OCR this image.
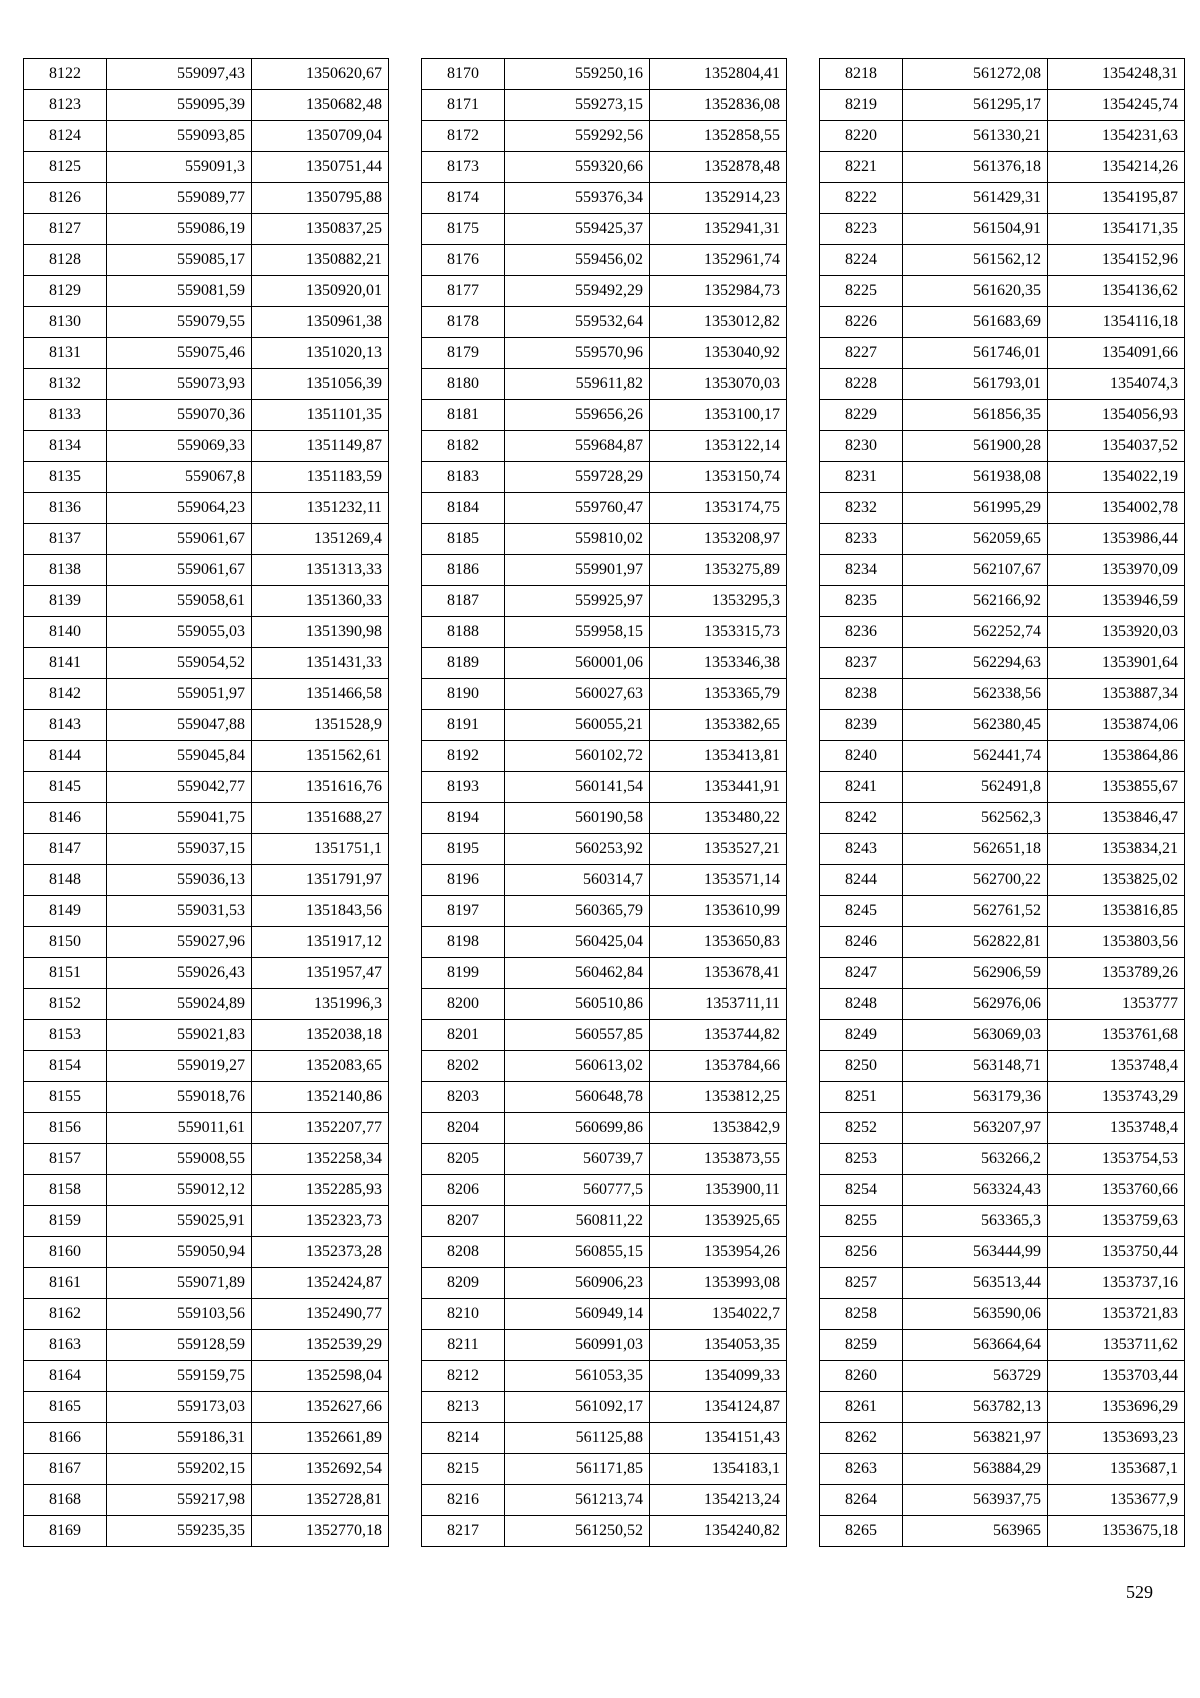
8122	559097,43	1350620,67
8123	559095,39	1350682,48
8124	559093,85	1350709,04
8125	559091,3	1350751,44
8126	559089,77	1350795,88
8127	559086,19	1350837,25
8128	559085,17	1350882,21
8129	559081,59	1350920,01
8130	559079,55	1350961,38
8131	559075,46	1351020,13
8132	559073,93	1351056,39
8133	559070,36	1351101,35
8134	559069,33	1351149,87
8135	559067,8	1351183,59
8136	559064,23	1351232,11
8137	559061,67	1351269,4
8138	559061,67	1351313,33
8139	559058,61	1351360,33
8140	559055,03	1351390,98
8141	559054,52	1351431,33
8142	559051,97	1351466,58
8143	559047,88	1351528,9
8144	559045,84	1351562,61
8145	559042,77	1351616,76
8146	559041,75	1351688,27
8147	559037,15	1351751,1
8148	559036,13	1351791,97
8149	559031,53	1351843,56
8150	559027,96	1351917,12
8151	559026,43	1351957,47
8152	559024,89	1351996,3
8153	559021,83	1352038,18
8154	559019,27	1352083,65
8155	559018,76	1352140,86
8156	559011,61	1352207,77
8157	559008,55	1352258,34
8158	559012,12	1352285,93
8159	559025,91	1352323,73
8160	559050,94	1352373,28
8161	559071,89	1352424,87
8162	559103,56	1352490,77
8163	559128,59	1352539,29
8164	559159,75	1352598,04
8165	559173,03	1352627,66
8166	559186,31	1352661,89
8167	559202,15	1352692,54
8168	559217,98	1352728,81
8169	559235,35	1352770,18
8170	559250,16	1352804,41
8171	559273,15	1352836,08
8172	559292,56	1352858,55
8173	559320,66	1352878,48
8174	559376,34	1352914,23
8175	559425,37	1352941,31
8176	559456,02	1352961,74
8177	559492,29	1352984,73
8178	559532,64	1353012,82
8179	559570,96	1353040,92
8180	559611,82	1353070,03
8181	559656,26	1353100,17
8182	559684,87	1353122,14
8183	559728,29	1353150,74
8184	559760,47	1353174,75
8185	559810,02	1353208,97
8186	559901,97	1353275,89
8187	559925,97	1353295,3
8188	559958,15	1353315,73
8189	560001,06	1353346,38
8190	560027,63	1353365,79
8191	560055,21	1353382,65
8192	560102,72	1353413,81
8193	560141,54	1353441,91
8194	560190,58	1353480,22
8195	560253,92	1353527,21
8196	560314,7	1353571,14
8197	560365,79	1353610,99
8198	560425,04	1353650,83
8199	560462,84	1353678,41
8200	560510,86	1353711,11
8201	560557,85	1353744,82
8202	560613,02	1353784,66
8203	560648,78	1353812,25
8204	560699,86	1353842,9
8205	560739,7	1353873,55
8206	560777,5	1353900,11
8207	560811,22	1353925,65
8208	560855,15	1353954,26
8209	560906,23	1353993,08
8210	560949,14	1354022,7
8211	560991,03	1354053,35
8212	561053,35	1354099,33
8213	561092,17	1354124,87
8214	561125,88	1354151,43
8215	561171,85	1354183,1
8216	561213,74	1354213,24
8217	561250,52	1354240,82
8218	561272,08	1354248,31
8219	561295,17	1354245,74
8220	561330,21	1354231,63
8221	561376,18	1354214,26
8222	561429,31	1354195,87
8223	561504,91	1354171,35
8224	561562,12	1354152,96
8225	561620,35	1354136,62
8226	561683,69	1354116,18
8227	561746,01	1354091,66
8228	561793,01	1354074,3
8229	561856,35	1354056,93
8230	561900,28	1354037,52
8231	561938,08	1354022,19
8232	561995,29	1354002,78
8233	562059,65	1353986,44
8234	562107,67	1353970,09
8235	562166,92	1353946,59
8236	562252,74	1353920,03
8237	562294,63	1353901,64
8238	562338,56	1353887,34
8239	562380,45	1353874,06
8240	562441,74	1353864,86
8241	562491,8	1353855,67
8242	562562,3	1353846,47
8243	562651,18	1353834,21
8244	562700,22	1353825,02
8245	562761,52	1353816,85
8246	562822,81	1353803,56
8247	562906,59	1353789,26
8248	562976,06	1353777
8249	563069,03	1353761,68
8250	563148,71	1353748,4
8251	563179,36	1353743,29
8252	563207,97	1353748,4
8253	563266,2	1353754,53
8254	563324,43	1353760,66
8255	563365,3	1353759,63
8256	563444,99	1353750,44
8257	563513,44	1353737,16
8258	563590,06	1353721,83
8259	563664,64	1353711,62
8260	563729	1353703,44
8261	563782,13	1353696,29
8262	563821,97	1353693,23
8263	563884,29	1353687,1
8264	563937,75	1353677,9
8265	563965	1353675,18
529
